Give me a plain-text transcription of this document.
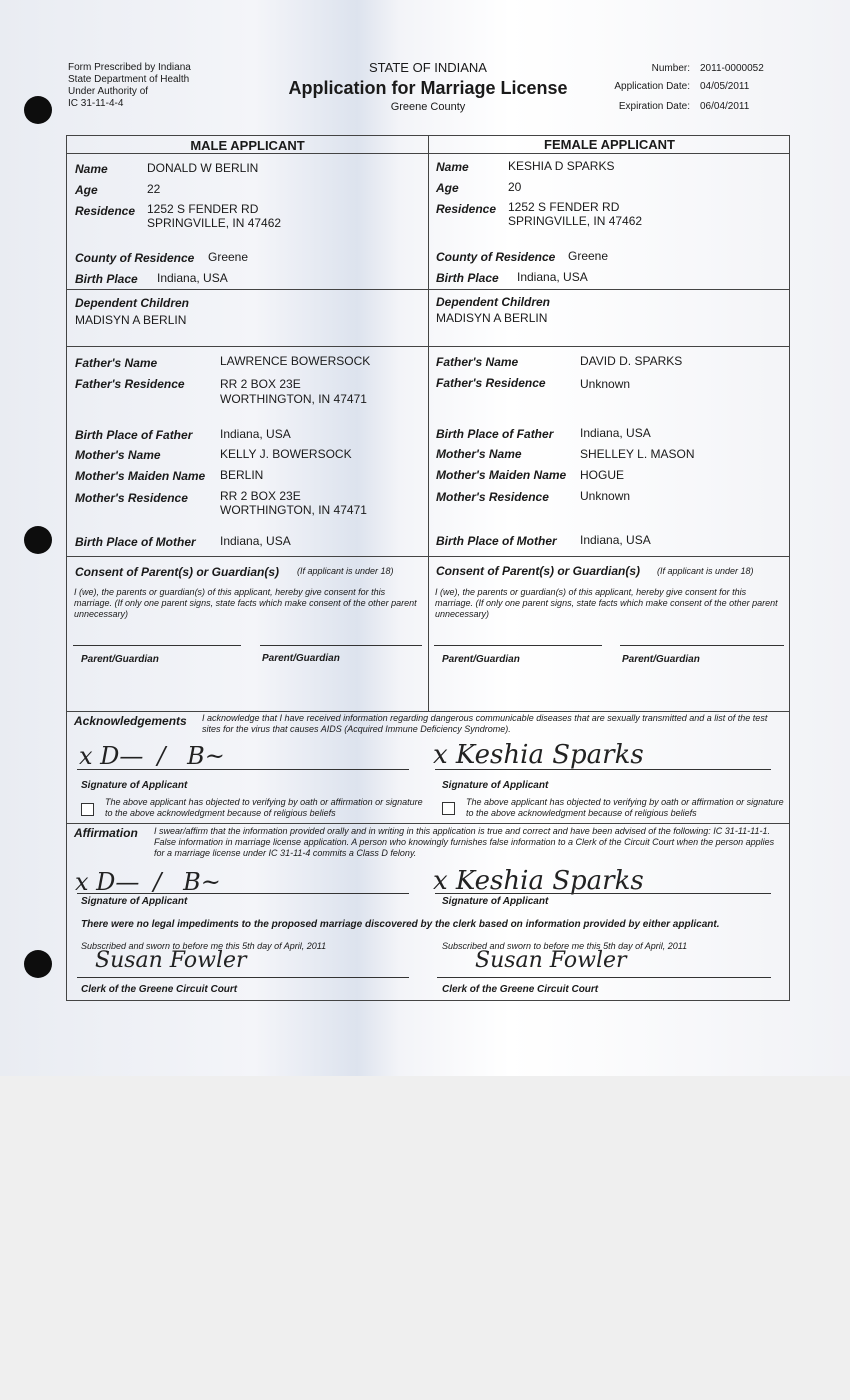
Form Prescribed by Indiana
State Department of Health
Under Authority of
IC 31-11-4-4
STATE OF INDIANA
Application for Marriage License
Greene County
Number: 2011-0000052
Application Date: 04/05/2011
Expiration Date: 06/04/2011
MALE APPLICANT	FEMALE APPLICANT
Name	DONALD W BERLIN
Age	22
Residence 1252 S FENDER RD
SPRINGVILLE, IN 47462
County of Residence Greene
Birth Place Indiana, USA
Dependent Children
MADISYN A BERLIN
Father's Name	LAWRENCE BOWERSOCK
Father's Residence	RR 2 BOX 23E
WORTHINGTON, IN 47471
Birth Place of Father Indiana, USA
Mother's Name	KELLY J. BOWERSOCK
Mother's Maiden Name BERLIN
Mother's Residence	RR 2 BOX 23E
WORTHINGTON, IN 47471
Birth Place of Mother Indiana, USA
Consent of Parent(s) or Guardian(s) (If applicant is under 18)
I (we), the parents or guardian(s) of this applicant, hereby give consent for this marriage. (If only one parent signs, state facts which make consent of the other parent unnecessary)
Parent/Guardian	Parent/Guardian
Name	KESHIA D SPARKS
Age	20
Residence 1252 S FENDER RD
SPRINGVILLE, IN 47462
County of Residence Greene
Birth Place Indiana, USA
Dependent Children
MADISYN A BERLIN
Father's Name	DAVID D. SPARKS
Father's Residence	Unknown
Birth Place of Father Indiana, USA
Mother's Name	SHELLEY L. MASON
Mother's Maiden Name HOGUE
Mother's Residence	Unknown
Birth Place of Mother Indiana, USA
Consent of Parent(s) or Guardian(s) (If applicant is under 18)
I (we), the parents or guardian(s) of this applicant, hereby give consent for this marriage. (If only one parent signs, state facts which make consent of the other parent unnecessary)
Parent/Guardian	Parent/Guardian
Acknowledgements I acknowledge that I have received information regarding dangerous communicable diseases that are sexually transmitted and a list of the test sites for the virus that causes AIDS (Acquired Immune Deficiency Syndrome).
x D—/ B~
Signature of Applicant
The above applicant has objected to verifying by oath or affirmation or signature to the above acknowledgment because of religious beliefs
x Keshia Sparks
Signature of Applicant
The above applicant has objected to verifying by oath or affirmation or signature to the above acknowledgment because of religious beliefs
Affirmation I swear/affirm that the information provided orally and in writing in this application is true and correct and have been advised of the following: IC 31-11-11-1. False information in marriage license application. A person who knowingly furnishes false information to a Clerk of the Circuit Court when the person applies for a marriage license under IC 31-11-4 commits a Class D felony.
x D—/ B~
Signature of Applicant
x Keshia Sparks
Signature of Applicant
There were no legal impediments to the proposed marriage discovered by the clerk based on information provided by either applicant.
Subscribed and sworn to before me this 5th day of April, 2011
Susan Fowler
Clerk of the Greene Circuit Court
Subscribed and sworn to before me this 5th day of April, 2011
Susan Fowler
Clerk of the Greene Circuit Court
